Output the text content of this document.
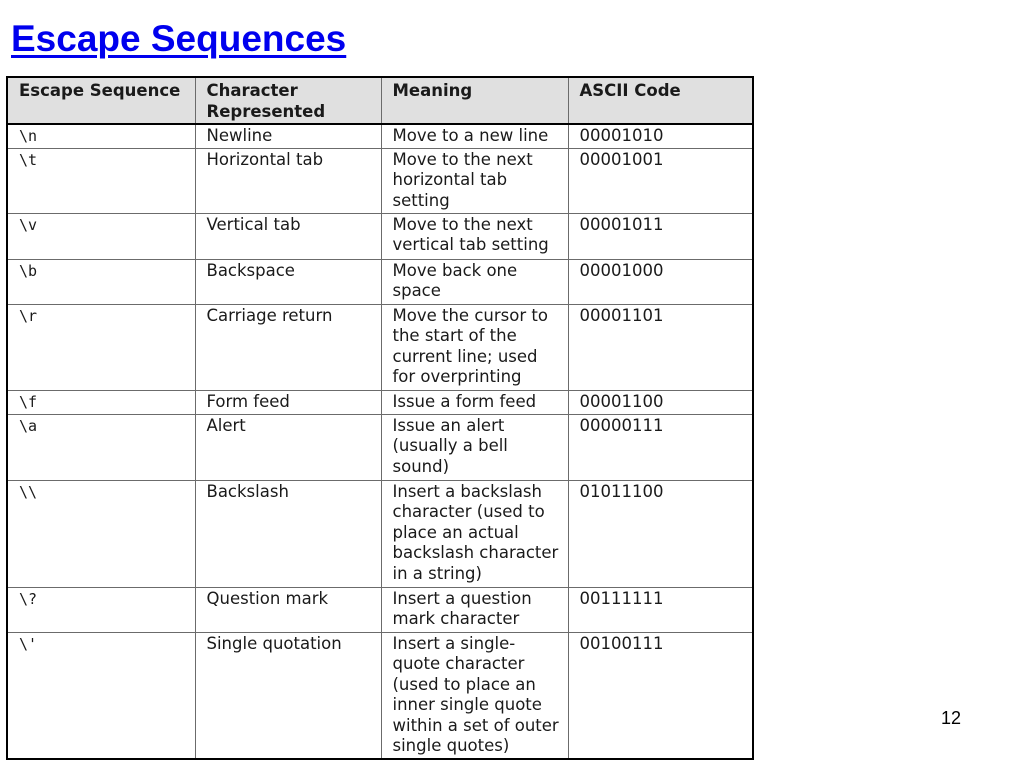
Escape Sequences
Escape Sequence	Character Represented	Meaning	ASCII Code
\n	Newline	Move to a new line	00001010
\t	Horizontal tab	Move to the next horizontal tab setting	00001001
\v	Vertical tab	Move to the next vertical tab setting	00001011
\b	Backspace	Move back one space	00001000
\r	Carriage return	Move the cursor to the start of the current line; used for overprinting	00001101
\f	Form feed	Issue a form feed	00001100
\a	Alert	Issue an alert (usually a bell sound)	00000111
\\	Backslash	Insert a backslash character (used to place an actual backslash character in a string)	01011100
\?	Question mark	Insert a question mark character	00111111
\'	Single quotation	Insert a single-quote character (used to place an inner single quote within a set of outer single quotes)	00100111
12
